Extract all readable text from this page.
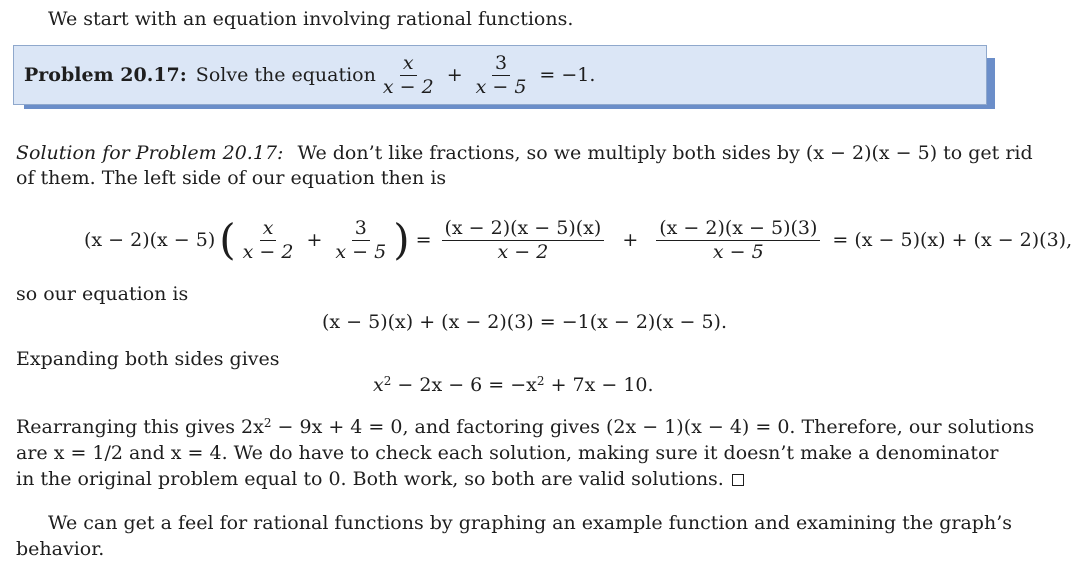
We start with an equation involving rational functions.
Problem 20.17: Solve the equation $\frac{x}{x - 2} + \frac{3}{x - 5} = -1$.
Solution for Problem 20.17: We don’t like fractions, so we multiply both sides by (x − 2)(x − 5) to get rid
of them. The left side of our equation then is
(x − 2)(x − 5) ( $\frac{x}{x - 2} + \frac{3}{x - 5}$ ) = $\frac{(x - 2)(x - 5)(x)}{x - 2} + \frac{(x - 2)(x - 5)(3)}{x - 5} = (x - 5)(x) + (x - 2)(3)$,
so our equation is
(x − 5)(x) + (x − 2)(3) = −1(x − 2)(x − 5).
Expanding both sides gives
$x^2 - 2x - 6 = -x^2 + 7x - 10$.
Rearranging this gives $2x^2 - 9x + 4 = 0$, and factoring gives (2x − 1)(x − 4) = 0. Therefore, our solutions
are x = 1/2 and x = 4. We do have to check each solution, making sure it doesn’t make a denominator
in the original problem equal to 0. Both work, so both are valid solutions.
We can get a feel for rational functions by graphing an example function and examining the graph’s
behavior.
